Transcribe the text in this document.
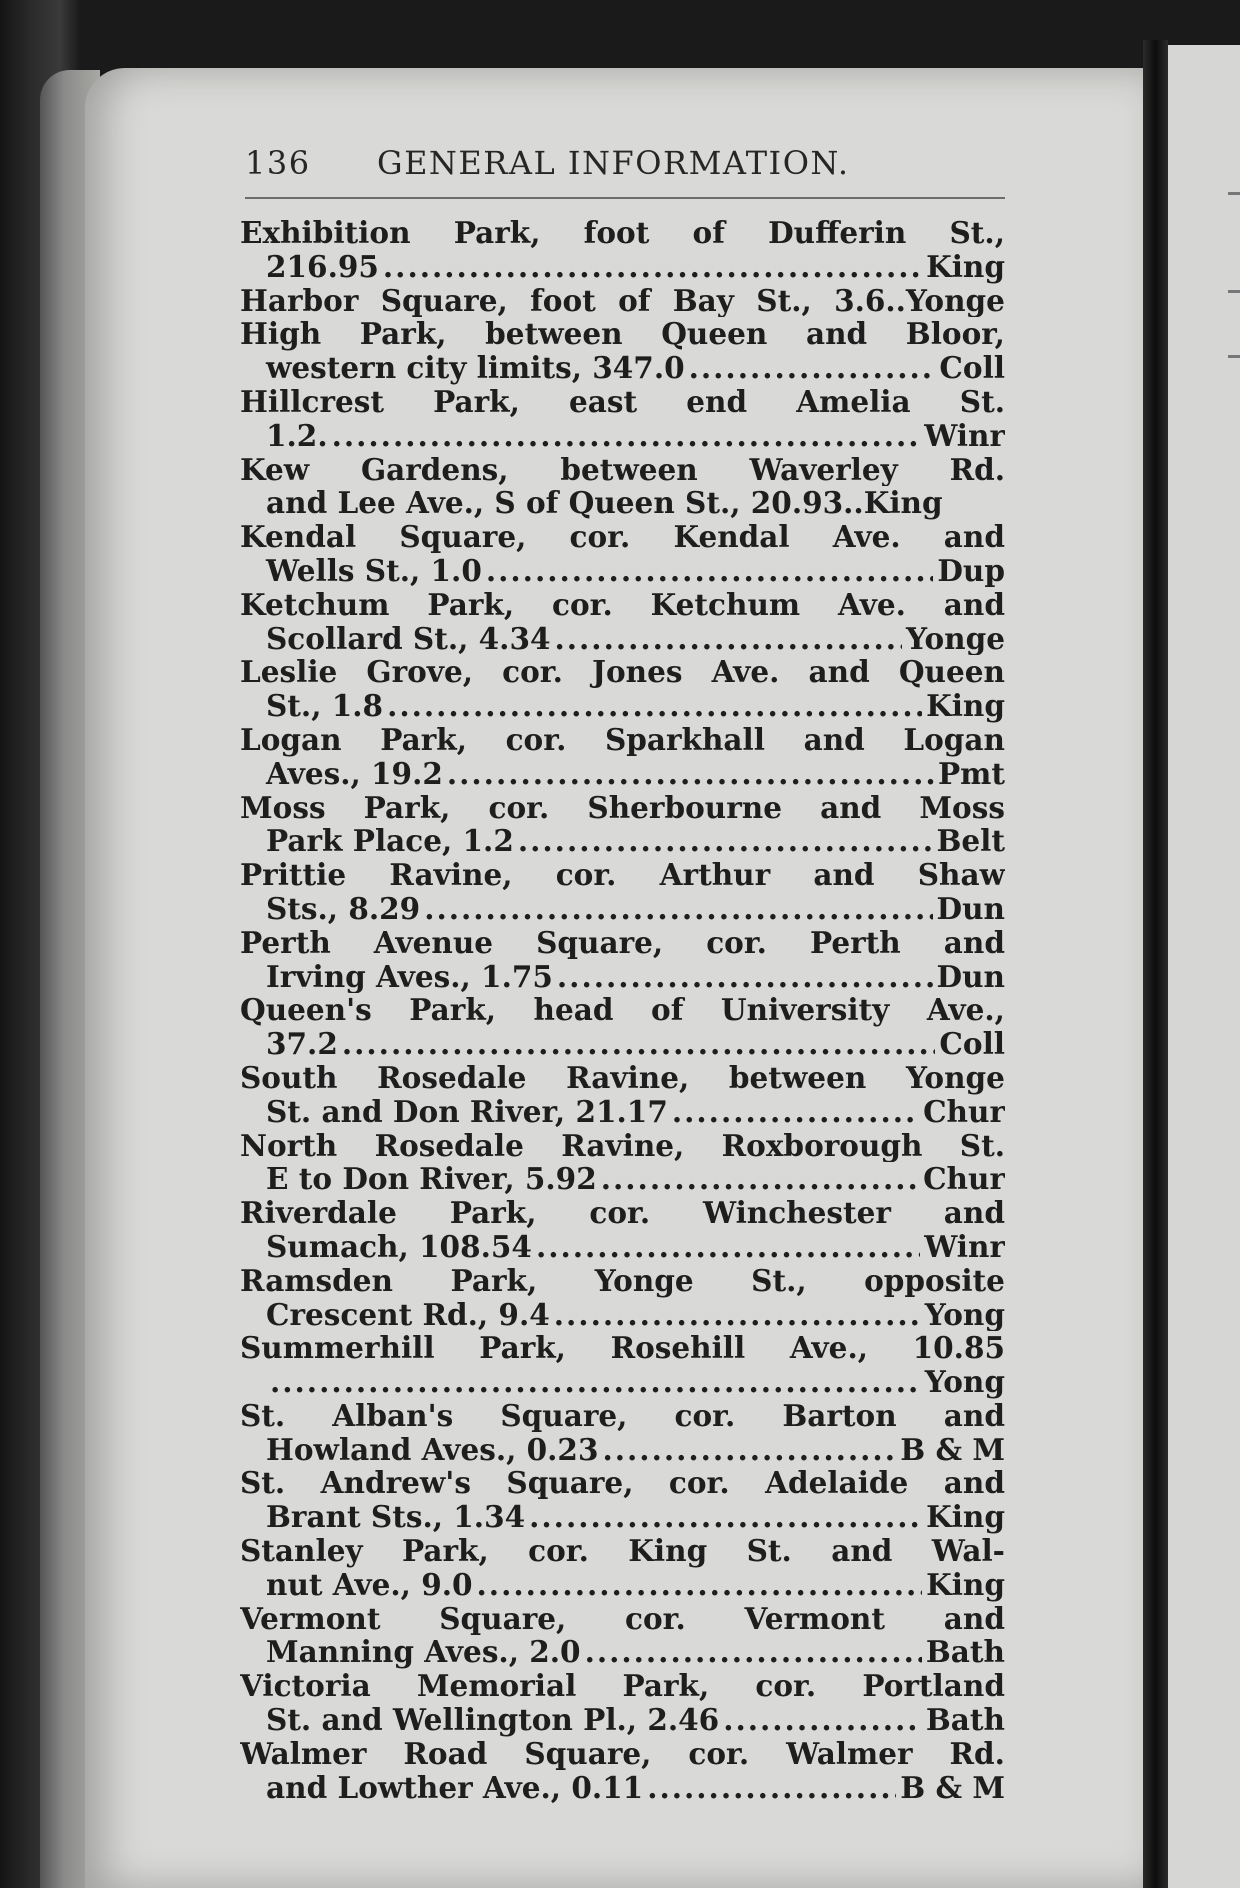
136 GENERAL INFORMATION.
Exhibition Park, foot of Dufferin St.,
216.95 .....	King
Harbor Square, foot of Bay St., 3.6..Yonge
High Park, between Queen and Bloor,
western city limits, 347.0 .....	Coll
Hillcrest Park, east end Amelia St.
1.2. .....	Winr
Kew Gardens, between Waverley Rd.
and Lee Ave., S of Queen St., 20.93..King
Kendal Square, cor. Kendal Ave. and
Wells St., 1.0 .....	Dup
Ketchum Park, cor. Ketchum Ave. and
Scollard St., 4.34 .....	Yonge
Leslie Grove, cor. Jones Ave. and Queen
St., 1.8 .....	King
Logan Park, cor. Sparkhall and Logan
Aves., 19.2 .....	Pmt
Moss Park, cor. Sherbourne and Moss
Park Place, 1.2 .....	Belt
Prittie Ravine, cor. Arthur and Shaw
Sts., 8.29 .....	Dun
Perth Avenue Square, cor. Perth and
Irving Aves., 1.75 .....	Dun
Queen's Park, head of University Ave.,
37.2 .....	Coll
South Rosedale Ravine, between Yonge
St. and Don River, 21.17 .....	Chur
North Rosedale Ravine, Roxborough St.
E to Don River, 5.92 .....	Chur
Riverdale Park, cor. Winchester and
Sumach, 108.54 .....	Winr
Ramsden Park, Yonge St., opposite
Crescent Rd., 9.4 .....	Yong
Summerhill Park, Rosehill Ave., 10.85
.....
Yong
St. Alban's Square, cor. Barton and
Howland Aves., 0.23 .....	B & M
St. Andrew's Square, cor. Adelaide and
Brant Sts., 1.34 .....	King
Stanley Park, cor. King St. and Wal-
nut Ave., 9.0 .....	King
Vermont Square, cor. Vermont and
Manning Aves., 2.0 .....	Bath
Victoria Memorial Park, cor. Portland
St. and Wellington Pl., 2.46 .....	Bath
Walmer Road Square, cor. Walmer Rd.
and Lowther Ave., 0.11 .....	B & M
